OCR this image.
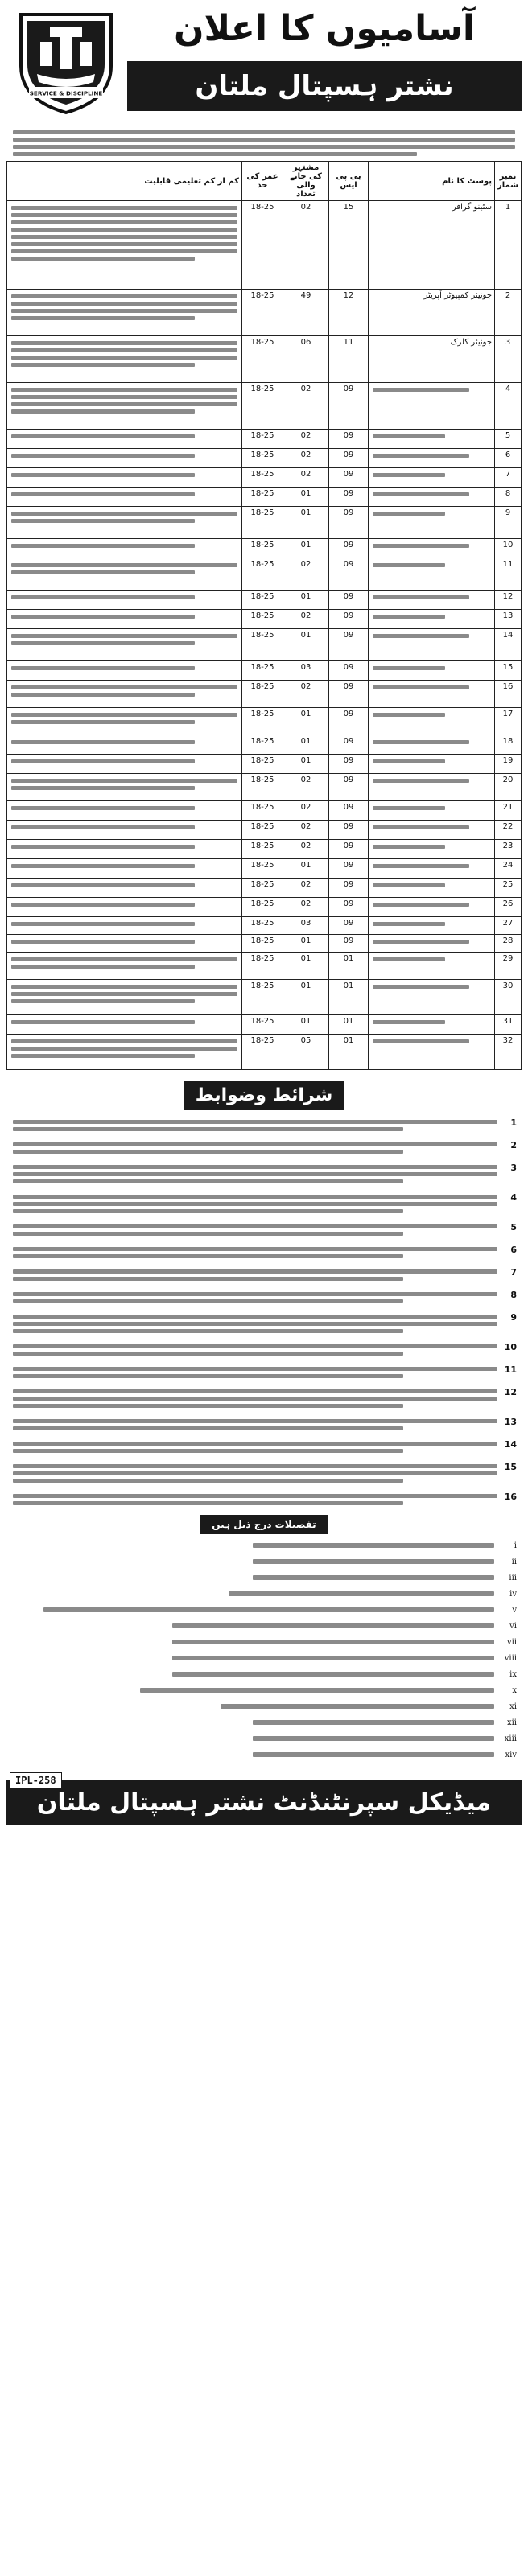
SERVICE & DISCIPLINE
آسامیوں کا اعلان
نشتر ہسپتال ملتان
نمبر شمار	پوسٹ کا نام	بی پی ایس	مشتہر کی جانے والی تعداد	عمر کی حد	کم از کم تعلیمی قابلیت
1	سٹینو گرافر	15	02	18-25	

2	جونیئر کمپیوٹر آپریٹر	12	49	18-25	

3	جونیئر کلرک	11	06	18-25	

4		09	02	18-25	

5		09	02	18-25	

6		09	02	18-25	

7		09	02	18-25	

8		09	01	18-25	

9		09	01	18-25	

10		09	01	18-25	

11		09	02	18-25	

12		09	01	18-25	

13		09	02	18-25	

14		09	01	18-25	

15		09	03	18-25	

16		09	02	18-25	

17		09	01	18-25	

18		09	01	18-25	

19		09	01	18-25	

20		09	02	18-25	

21		09	02	18-25	

22		09	02	18-25	

23		09	02	18-25	

24		09	01	18-25	

25		09	02	18-25	

26		09	02	18-25	

27		09	03	18-25	

28		09	01	18-25	

29		01	01	18-25	

30		01	01	18-25	

31		01	01	18-25	

32		01	05	18-25	
شرائط وضوابط
1
2
3
4
5
6
7
8
9
10
11
12
13
14
15
16
تفصیلات درج ذیل ہیں
i
ii
iii
iv
v
vi
vii
viii
ix
x
xi
xii
xiii
xiv
میڈیکل سپرنٹنڈنٹ نشتر ہسپتال ملتان
IPL-258
